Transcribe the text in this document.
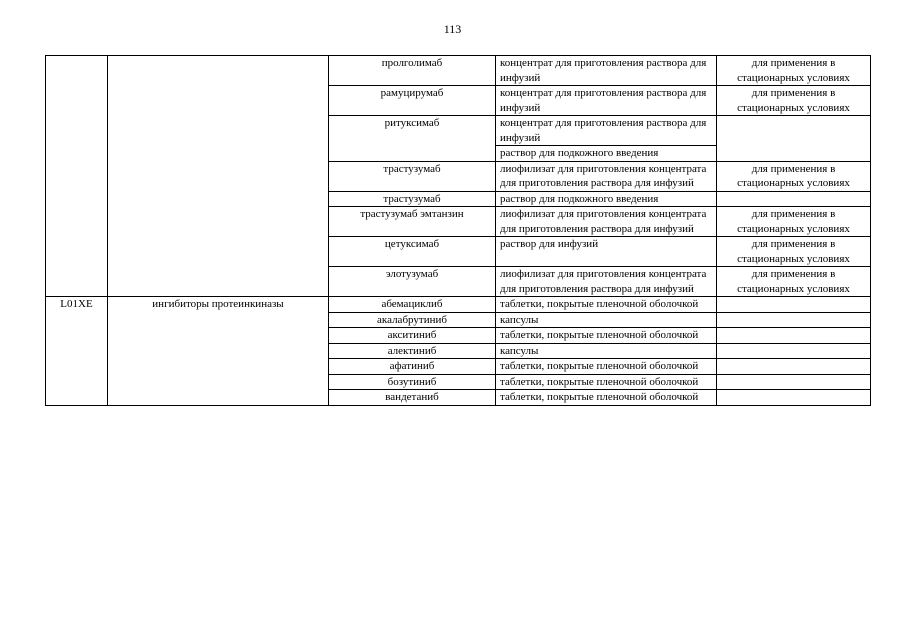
113
		пролголимаб	концентрат для приготовления раствора для инфузий	для применения в стационарных условиях
		рамуцирумаб	концентрат для приготовления раствора для инфузий	для применения в стационарных условиях
		ритуксимаб	концентрат для приготовления раствора для инфузий	
			раствор для подкожного введения	
		трастузумаб	лиофилизат для приготовления концентрата для приготовления раствора для инфузий	для применения в стационарных условиях
		трастузумаб	раствор для подкожного введения	
		трастузумаб эмтанзин	лиофилизат для приготовления концентрата для приготовления раствора для инфузий	для применения в стационарных условиях
		цетуксимаб	раствор для инфузий	для применения в стационарных условиях
		элотузумаб	лиофилизат для приготовления концентрата для приготовления раствора для инфузий	для применения в стационарных условиях
L01XE	ингибиторы протеинкиназы	абемациклиб	таблетки, покрытые пленочной оболочкой	
		акалабрутиниб	капсулы	
		акситиниб	таблетки, покрытые пленочной оболочкой	
		алектиниб	капсулы	
		афатиниб	таблетки, покрытые пленочной оболочкой	
		бозутиниб	таблетки, покрытые пленочной оболочкой	
		вандетаниб	таблетки, покрытые пленочной оболочкой	
